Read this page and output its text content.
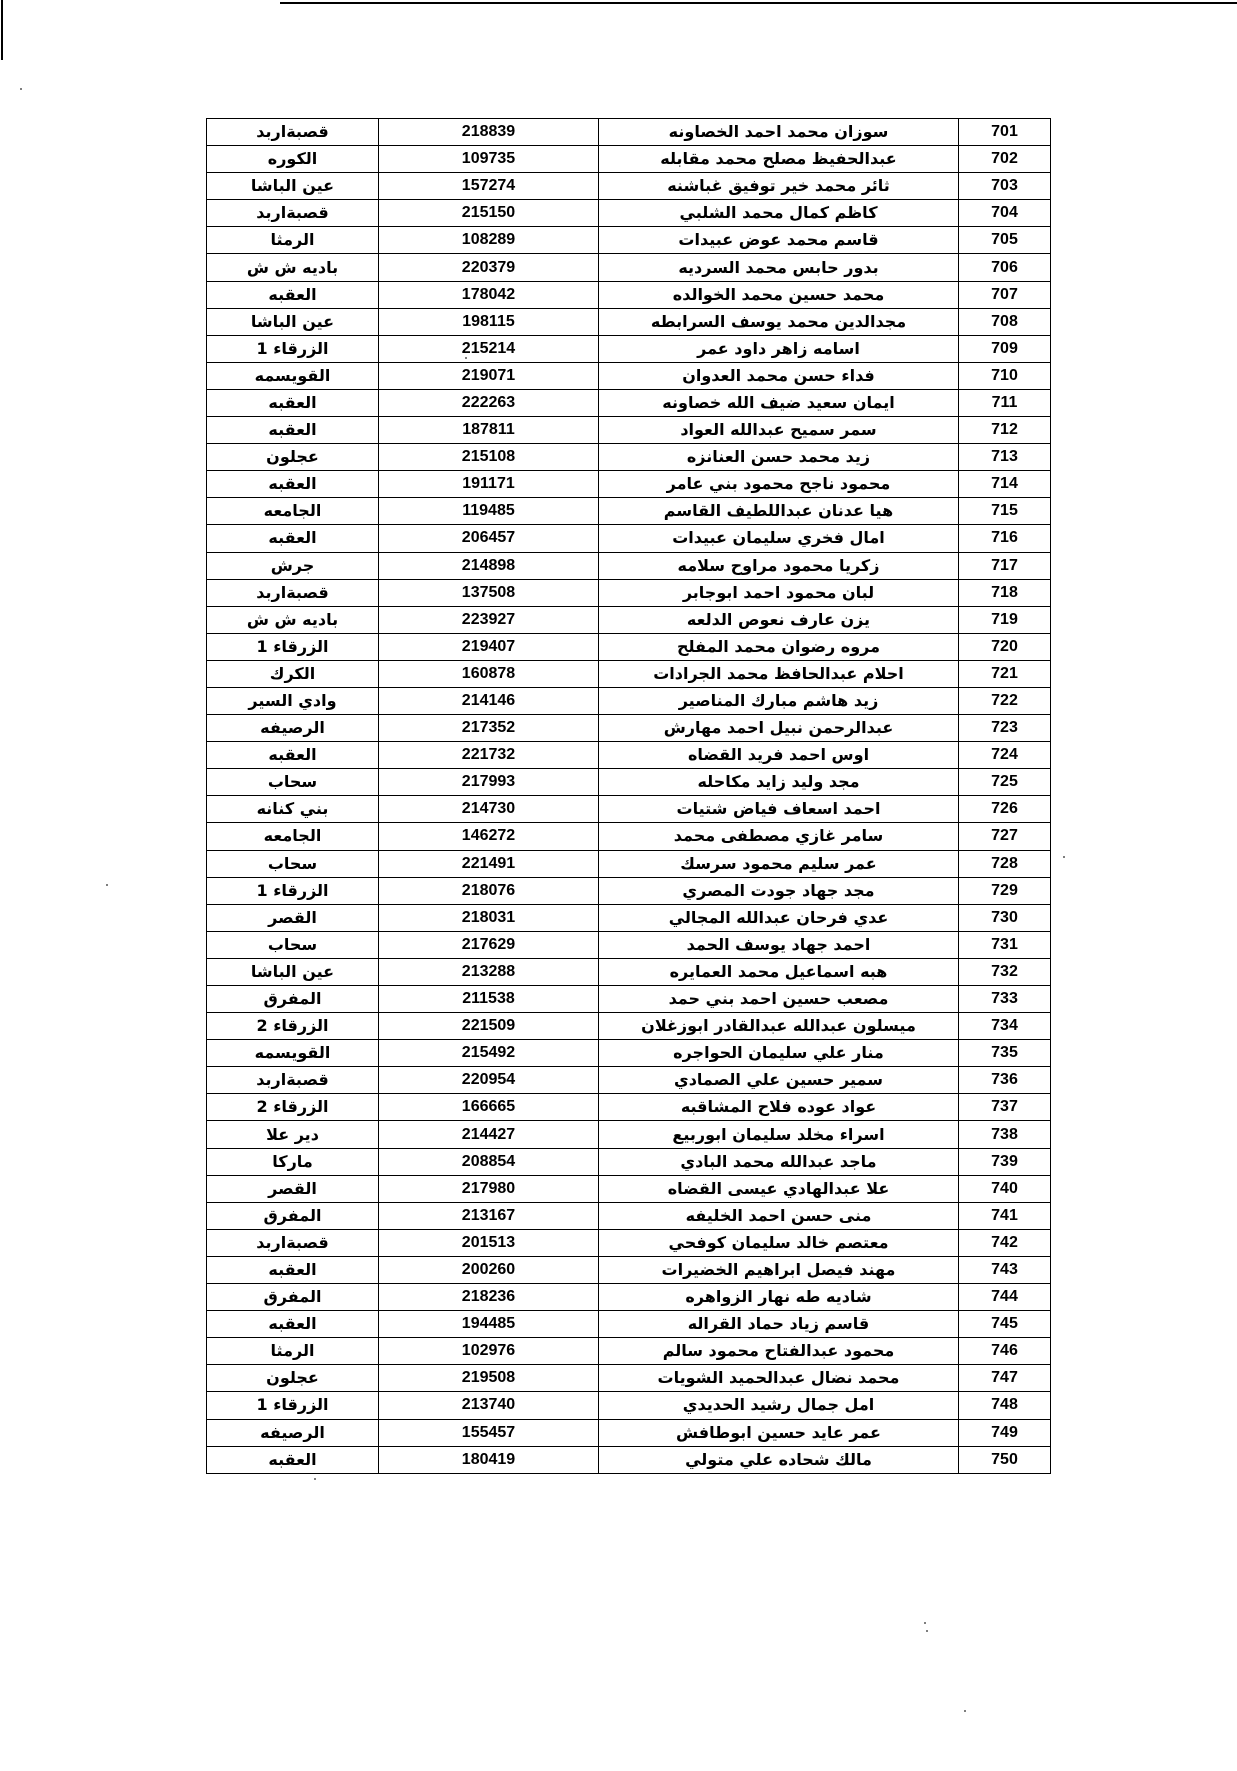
قصبةاربد	218839	سوزان محمد احمد الخصاونه	701
الكوره	109735	عبدالحفيظ مصلح محمد مقابله	702
عين الباشا	157274	ثائر محمد خير توفيق غباشنه	703
قصبةاربد	215150	كاظم كمال محمد الشلبي	704
الرمثا	108289	قاسم محمد عوض عبيدات	705
باديه ش ش	220379	بدور حابس محمد السرديه	706
العقبه	178042	محمد حسين محمد الخوالده	707
عين الباشا	198115	مجدالدين محمد يوسف السرابطه	708
الزرقاء 1	215214	اسامه زاهر داود عمر	709
القويسمه	219071	فداء حسن محمد العدوان	710
العقبه	222263	ايمان سعيد ضيف الله خصاونه	711
العقبه	187811	سمر سميح عبدالله العواد	712
عجلون	215108	زيد محمد حسن العنانزه	713
العقبه	191171	محمود ناجح محمود بني عامر	714
الجامعه	119485	هيا عدنان عبداللطيف القاسم	715
العقبه	206457	امال فخري سليمان عبيدات	716
جرش	214898	زكريا محمود مراوح سلامه	717
قصبةاربد	137508	لبان محمود احمد ابوجابر	718
باديه ش ش	223927	يزن عارف نعوص الدلعه	719
الزرقاء 1	219407	مروه رضوان محمد المفلح	720
الكرك	160878	احلام عبدالحافظ محمد الجرادات	721
وادي السير	214146	زيد هاشم مبارك المناصير	722
الرصيفه	217352	عبدالرحمن نبيل احمد مهارش	723
العقبه	221732	اوس احمد فريد القضاه	724
سحاب	217993	مجد وليد زايد مكاحله	725
بني كنانه	214730	احمد اسعاف فياض شتيات	726
الجامعه	146272	سامر غازي مصطفى محمد	727
سحاب	221491	عمر سليم محمود سرسك	728
الزرقاء 1	218076	مجد جهاد جودت المصري	729
القصر	218031	عدي فرحان عبدالله المجالي	730
سحاب	217629	احمد جهاد يوسف الحمد	731
عين الباشا	213288	هبه اسماعيل محمد العمايره	732
المفرق	211538	مصعب حسين احمد بني حمد	733
الزرقاء 2	221509	ميسلون عبدالله عبدالقادر ابوزغلان	734
القويسمه	215492	منار علي سليمان الحواجره	735
قصبةاربد	220954	سمير حسين علي الصمادي	736
الزرقاء 2	166665	عواد عوده فلاح المشاقبه	737
دير علا	214427	اسراء مخلد سليمان ابوربيع	738
ماركا	208854	ماجد عبدالله محمد البادي	739
القصر	217980	علا عبدالهادي عيسى القضاه	740
المفرق	213167	منى حسن احمد الخليفه	741
قصبةاربد	201513	معتصم خالد سليمان كوفحي	742
العقبه	200260	مهند فيصل ابراهيم الخضيرات	743
المفرق	218236	شاديه طه نهار الزواهره	744
العقبه	194485	قاسم زياد حماد القراله	745
الرمثا	102976	محمود عبدالفتاح محمود سالم	746
عجلون	219508	محمد نضال عبدالحميد الشويات	747
الزرقاء 1	213740	امل جمال رشيد الحديدي	748
الرصيفه	155457	عمر عايد حسين ابوطافش	749
العقبه	180419	مالك شحاده علي متولي	750
